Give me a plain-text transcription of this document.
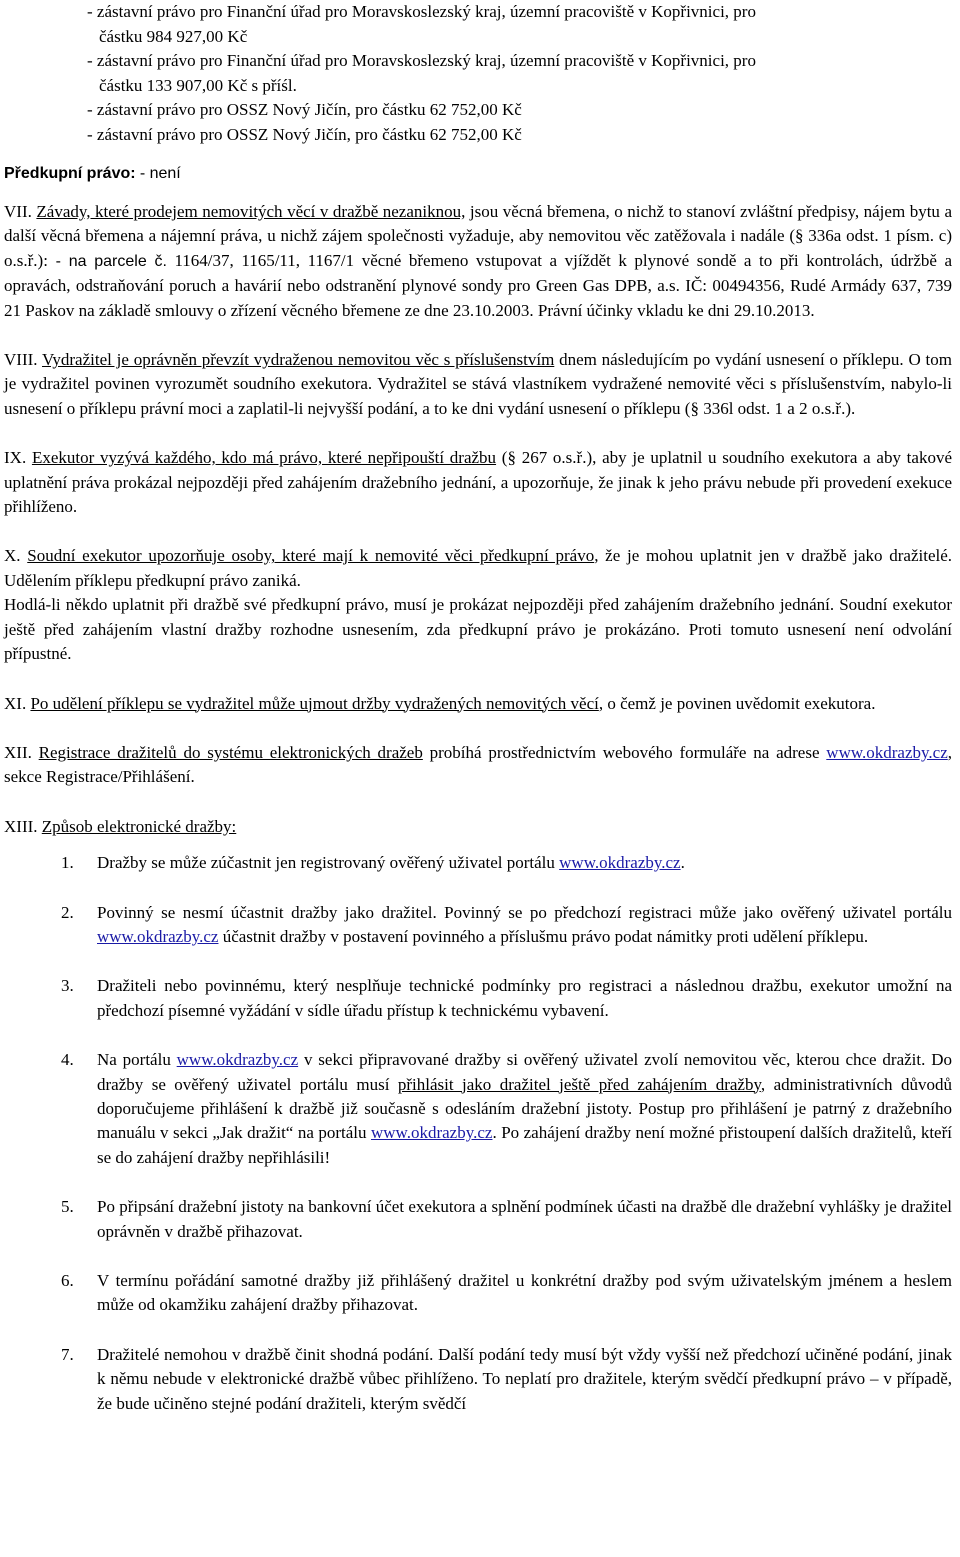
- zástavní právo pro Finanční úřad pro Moravskoslezský kraj, územní pracoviště v Kopřivnici, pro
částku 984 927,00 Kč
- zástavní právo pro Finanční úřad pro Moravskoslezský kraj, územní pracoviště v Kopřivnici, pro
částku 133 907,00 Kč s příśl.
- zástavní právo pro OSSZ Nový Jičín, pro částku 62 752,00 Kč
- zástavní právo pro OSSZ Nový Jičín, pro částku 62 752,00 Kč

Předkupní právo: - není

VII. Závady, které prodejem nemovitých věcí v dražbě nezaniknou, jsou věcná břemena, o nichž to stanoví zvláštní předpisy, nájem bytu a další věcná břemena a nájemní práva, u nichž zájem společnosti vyžaduje, aby nemovitou věc zatěžovala i nadále (§ 336a odst. 1 písm. c) o.s.ř.): - na parcele č. 1164/37, 1165/11, 1167/1 věcné břemeno vstupovat a vjíždět k plynové sondě a to při kontrolách, údržbě a opravách, odstraňování poruch a havárií nebo odstranění plynové sondy pro Green Gas DPB, a.s. IČ: 00494356, Rudé Armády 637, 739 21 Paskov na základě smlouvy o zřízení věcného břemene ze dne 23.10.2003. Právní účinky vkladu ke dni 29.10.2013.

VIII. Vydražitel je oprávněn převzít vydraženou nemovitou věc s příslušenstvím dnem následujícím po vydání usnesení o příklepu. O tom je vydražitel povinen vyrozumět soudního exekutora. Vydražitel se stává vlastníkem vydražené nemovité věci s příslušenstvím, nabylo-li usnesení o příklepu právní moci a zaplatil-li nejvyšší podání, a to ke dni vydání usnesení o příklepu (§ 336l odst. 1 a 2 o.s.ř.).

IX. Exekutor vyzývá každého, kdo má právo, které nepřipouští dražbu (§ 267 o.s.ř.), aby je uplatnil u soudního exekutora a aby takové uplatnění práva prokázal nejpozději před zahájením dražebního jednání, a upozorňuje, že jinak k jeho právu nebude při provedení exekuce přihlíženo.

X. Soudní exekutor upozorňuje osoby, které mají k nemovité věci předkupní právo, že je mohou uplatnit jen v dražbě jako dražitelé. Udělením příklepu předkupní právo zaniká.
Hodlá-li někdo uplatnit při dražbě své předkupní právo, musí je prokázat nejpozději před zahájením dražebního jednání. Soudní exekutor ještě před zahájením vlastní dražby rozhodne usnesením, zda předkupní právo je prokázáno. Proti tomuto usnesení není odvolání přípustné.

XI. Po udělení příklepu se vydražitel může ujmout držby vydražených nemovitých věcí, o čemž je povinen uvědomit exekutora.

XII. Registrace dražitelů do systému elektronických dražeb probíhá prostřednictvím webového formuláře na adrese www.okdrazby.cz, sekce Registrace/Přihlášení.

XIII. Způsob elektronické dražby:

1. Dražby se může zúčastnit jen registrovaný ověřený uživatel portálu www.okdrazby.cz.
2. Povinný se nesmí účastnit dražby jako dražitel. Povinný se po předchozí registraci může jako ověřený uživatel portálu www.okdrazby.cz účastnit dražby v postavení povinného a příslušmu právo podat námitky proti udělení příklepu.
3. Dražiteli nebo povinnému, který nesplňuje technické podmínky pro registraci a následnou dražbu, exekutor umožní na předchozí písemné vyžádání v sídle úřadu přístup k technickému vybavení.
4. Na portálu www.okdrazby.cz v sekci připravované dražby si ověřený uživatel zvolí nemovitou věc, kterou chce dražit. Do dražby se ověřený uživatel portálu musí přihlásit jako dražitel ještě před zahájením dražby, administrativních důvodů doporučujeme přihlášení k dražbě již současně s odesláním dražební jistoty. Postup pro přihlášení je patrný z dražebního manuálu v sekci „Jak dražit“ na portálu www.okdrazby.cz. Po zahájení dražby není možné přistoupení dalších dražitelů, kteří se do zahájení dražby nepřihlásili!
5. Po připsání dražební jistoty na bankovní účet exekutora a splnění podmínek účasti na dražbě dle dražební vyhlášky je dražitel oprávněn v dražbě přihazovat.
6. V termínu pořádání samotné dražby již přihlášený dražitel u konkrétní dražby pod svým uživatelským jménem a heslem může od okamžiku zahájení dražby přihazovat.
7. Dražitelé nemohou v dražbě činit shodná podání. Další podání tedy musí být vždy vyšší než předchozí učiněné podání, jinak k němu nebude v elektronické dražbě vůbec přihlíženo. To neplatí pro dražitele, kterým svědčí předkupní právo – v případě, že bude učiněno stejné podání dražiteli, kterým svědčí
